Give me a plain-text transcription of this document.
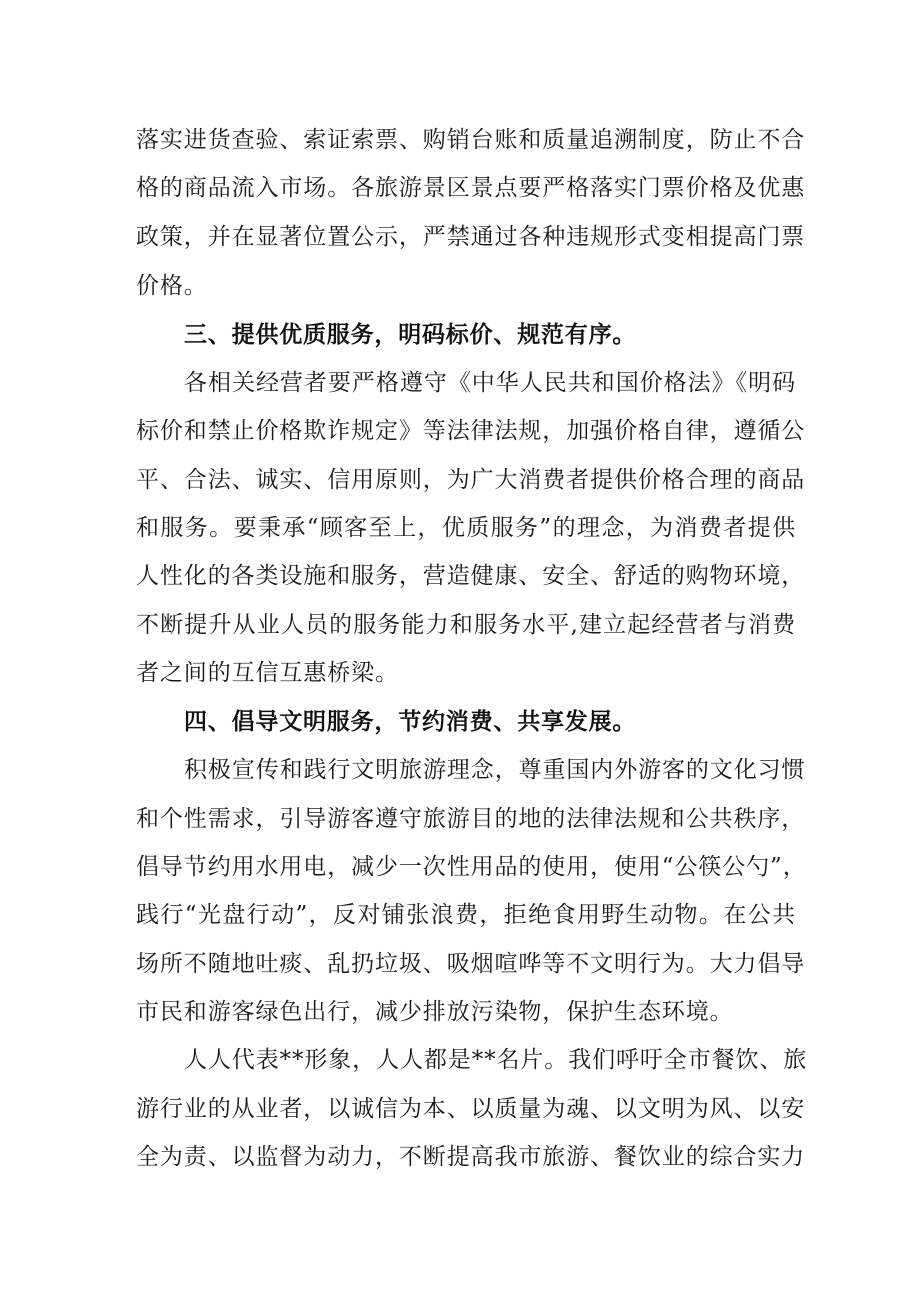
落实进货查验、索证索票、购销台账和质量追溯制度，防止不合
格的商品流入市场。各旅游景区景点要严格落实门票价格及优惠
政策，并在显著位置公示，严禁通过各种违规形式变相提高门票
价格。
三、提供优质服务，明码标价、规范有序。
各相关经营者要严格遵守《中华人民共和国价格法》《明码
标价和禁止价格欺诈规定》等法律法规，加强价格自律，遵循公
平、合法、诚实、信用原则，为广大消费者提供价格合理的商品
和服务。要秉承“顾客至上，优质服务”的理念，为消费者提供
人性化的各类设施和服务，营造健康、安全、舒适的购物环境，
不断提升从业人员的服务能力和服务水平,建立起经营者与消费
者之间的互信互惠桥梁。
四、倡导文明服务，节约消费、共享发展。
积极宣传和践行文明旅游理念，尊重国内外游客的文化习惯
和个性需求，引导游客遵守旅游目的地的法律法规和公共秩序，
倡导节约用水用电，减少一次性用品的使用，使用“公筷公勺”，
践行“光盘行动”，反对铺张浪费，拒绝食用野生动物。在公共
场所不随地吐痰、乱扔垃圾、吸烟喧哗等不文明行为。大力倡导
市民和游客绿色出行，减少排放污染物，保护生态环境。
人人代表**形象，人人都是**名片。我们呼吁全市餐饮、旅
游行业的从业者，以诚信为本、以质量为魂、以文明为风、以安
全为责、以监督为动力，不断提高我市旅游、餐饮业的综合实力
